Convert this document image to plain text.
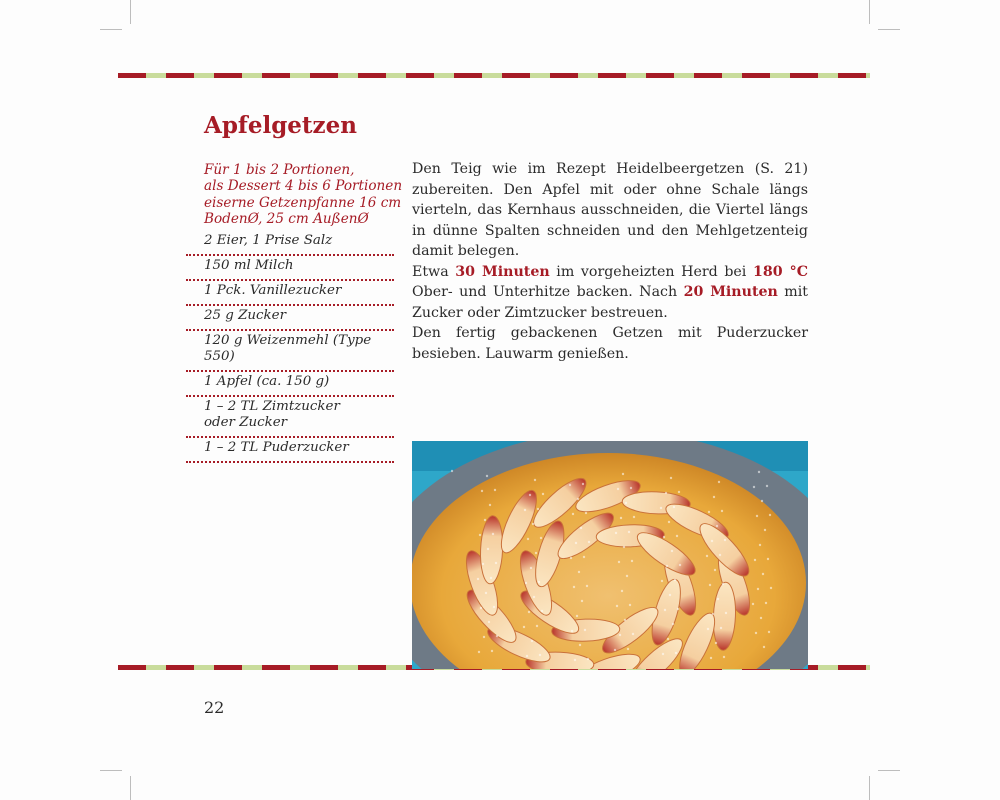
Apfelgetzen
Für 1 bis 2 Portionen,
als Dessert 4 bis 6 Portionen
eiserne Getzenpfanne 16 cm
BodenØ, 25 cm AußenØ
2 Eier, 1 Prise Salz
150 ml Milch
1 Pck. Vanillezucker
25 g Zucker
120 g Weizenmehl (Type 550)
1 Apfel (ca. 150 g)
1 – 2 TL Zimtzucker oder Zucker
1 – 2 TL Puderzucker

Den Teig wie im Rezept Heidelbeergetzen (S. 21) zubereiten. Den Apfel mit oder ohne Schale längs vierteln, das Kernhaus ausschneiden, die Viertel längs in dünne Spalten schneiden und den Mehlgetzenteig damit belegen.

Etwa 30 Minuten im vorgeheizten Herd bei 180 °C Ober- und Unterhitze backen. Nach 20 Minuten mit Zucker oder Zimtzucker bestreuen.

Den fertig gebackenen Getzen mit Puderzucker besieben. Lauwarm genießen.

22
